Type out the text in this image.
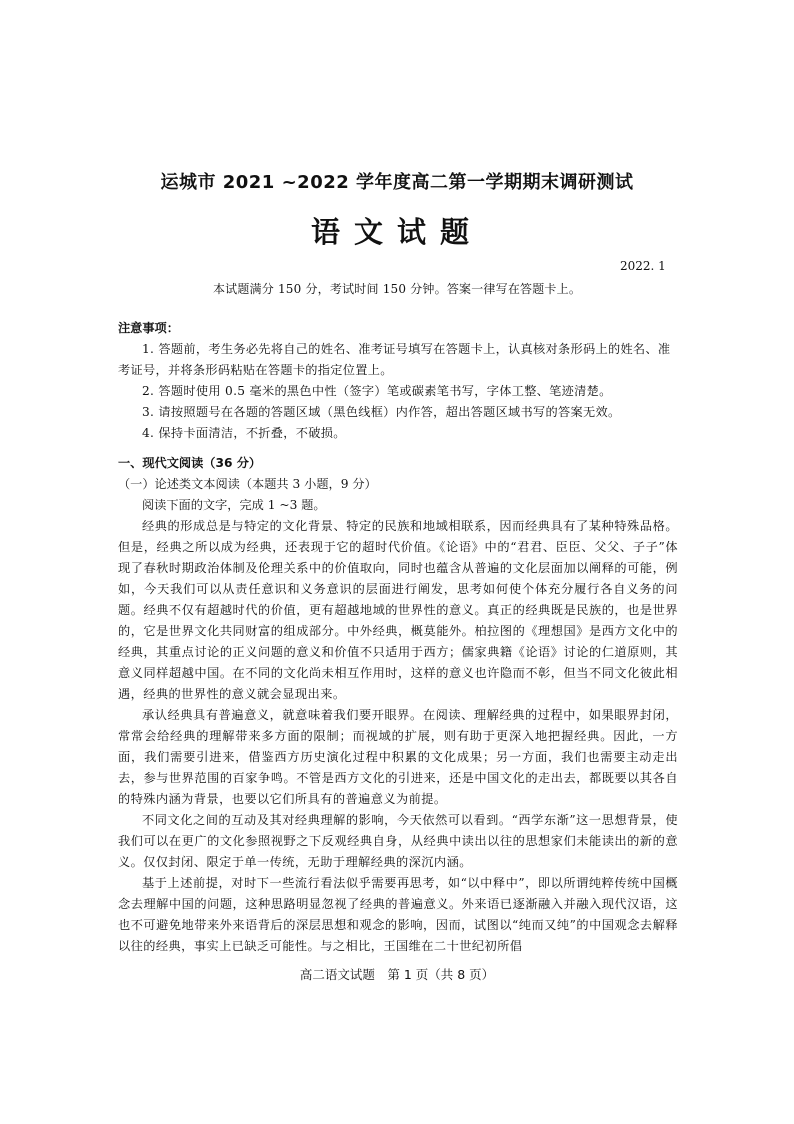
运城市 2021 ~2022 学年度高二第一学期期末调研测试
语文试题
2022. 1
本试题满分 150 分，考试时间 150 分钟。答案一律写在答题卡上。
注意事项：
1. 答题前，考生务必先将自己的姓名、准考证号填写在答题卡上，认真核对条形码上的姓名、准考证号，并将条形码粘贴在答题卡的指定位置上。
2. 答题时使用 0.5 毫米的黑色中性（签字）笔或碳素笔书写，字体工整、笔迹清楚。
3. 请按照题号在各题的答题区域（黑色线框）内作答，超出答题区域书写的答案无效。
4. 保持卡面清洁，不折叠，不破损。
一、现代文阅读（36 分）
（一）论述类文本阅读（本题共 3 小题，9 分）
阅读下面的文字，完成 1 ~3 题。

经典的形成总是与特定的文化背景、特定的民族和地域相联系，因而经典具有了某种特殊品格。但是，经典之所以成为经典，还表现于它的超时代价值。《论语》中的“君君、臣臣、父父、子子”体现了春秋时期政治体制及伦理关系中的价值取向，同时也蕴含从普遍的文化层面加以阐释的可能，例如，今天我们可以从责任意识和义务意识的层面进行阐发，思考如何使个体充分履行各自义务的问题。经典不仅有超越时代的价值，更有超越地域的世界性的意义。真正的经典既是民族的，也是世界的，它是世界文化共同财富的组成部分。中外经典，概莫能外。柏拉图的《理想国》是西方文化中的经典，其重点讨论的正义问题的意义和价值不只适用于西方；儒家典籍《论语》讨论的仁道原则，其意义同样超越中国。在不同的文化尚未相互作用时，这样的意义也许隐而不彰，但当不同文化彼此相遇，经典的世界性的意义就会显现出来。

承认经典具有普遍意义，就意味着我们要开眼界。在阅读、理解经典的过程中，如果眼界封闭，常常会给经典的理解带来多方面的限制；而视域的扩展，则有助于更深入地把握经典。因此，一方面，我们需要引进来，借鉴西方历史演化过程中积累的文化成果；另一方面，我们也需要主动走出去，参与世界范围的百家争鸣。不管是西方文化的引进来，还是中国文化的走出去，都既要以其各自的特殊内涵为背景，也要以它们所具有的普遍意义为前提。

不同文化之间的互动及其对经典理解的影响，今天依然可以看到。“西学东渐”这一思想背景，使我们可以在更广的文化参照视野之下反观经典自身，从经典中读出以往的思想家们未能读出的新的意义。仅仅封闭、限定于单一传统，无助于理解经典的深沉内涵。

基于上述前提，对时下一些流行看法似乎需要再思考，如“以中释中”，即以所谓纯粹传统中国概念去理解中国的问题，这种思路明显忽视了经典的普遍意义。外来语已逐渐融入并融入现代汉语，这也不可避免地带来外来语背后的深层思想和观念的影响，因而，试图以“纯而又纯”的中国观念去解释以往的经典，事实上已缺乏可能性。与之相比，王国维在二十世纪初所倡

高二语文试题　第 1 页（共 8 页）
